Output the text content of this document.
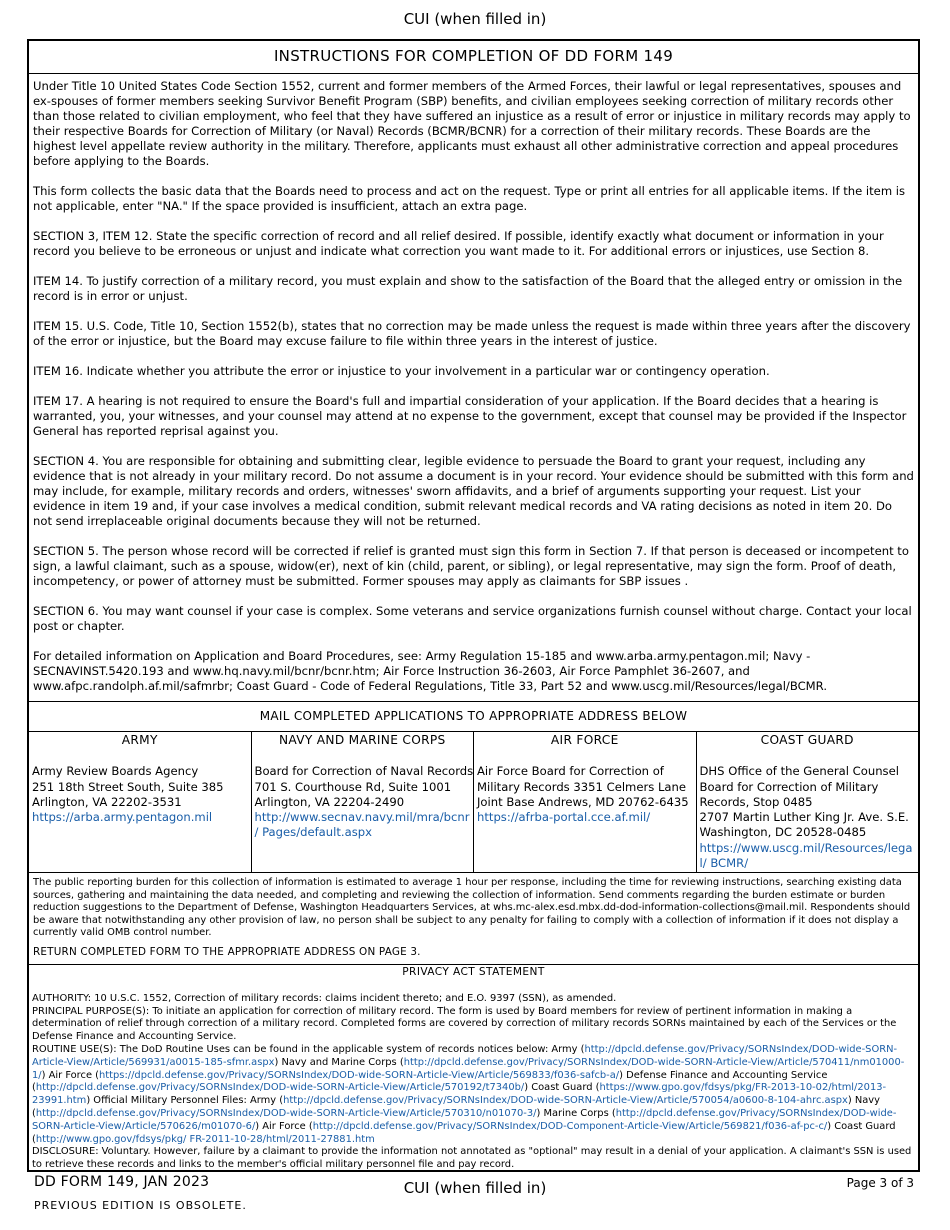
CUI (when filled in)
INSTRUCTIONS FOR COMPLETION OF DD FORM 149

Under Title 10 United States Code Section 1552, current and former members of the Armed Forces, their lawful or legal representatives, spouses and ex-spouses of former members seeking Survivor Benefit Program (SBP) benefits, and civilian employees seeking correction of military records other than those related to civilian employment, who feel that they have suffered an injustice as a result of error or injustice in military records may apply to their respective Boards for Correction of Military (or Naval) Records (BCMR/BCNR) for a correction of their military records. These Boards are the highest level appellate review authority in the military. Therefore, applicants must exhaust all other administrative correction and appeal procedures before applying to the Boards.

This form collects the basic data that the Boards need to process and act on the request. Type or print all entries for all applicable items. If the item is not applicable, enter "NA." If the space provided is insufficient, attach an extra page.

SECTION 3, ITEM 12. State the specific correction of record and all relief desired. If possible, identify exactly what document or information in your record you believe to be erroneous or unjust and indicate what correction you want made to it. For additional errors or injustices, use Section 8.

ITEM 14. To justify correction of a military record, you must explain and show to the satisfaction of the Board that the alleged entry or omission in the record is in error or unjust.

ITEM 15. U.S. Code, Title 10, Section 1552(b), states that no correction may be made unless the request is made within three years after the discovery of the error or injustice, but the Board may excuse failure to file within three years in the interest of justice.

ITEM 16. Indicate whether you attribute the error or injustice to your involvement in a particular war or contingency operation.

ITEM 17. A hearing is not required to ensure the Board's full and impartial consideration of your application. If the Board decides that a hearing is warranted, you, your witnesses, and your counsel may attend at no expense to the government, except that counsel may be provided if the Inspector General has reported reprisal against you.

SECTION 4. You are responsible for obtaining and submitting clear, legible evidence to persuade the Board to grant your request, including any evidence that is not already in your military record. Do not assume a document is in your record. Your evidence should be submitted with this form and may include, for example, military records and orders, witnesses' sworn affidavits, and a brief of arguments supporting your request. List your evidence in item 19 and, if your case involves a medical condition, submit relevant medical records and VA rating decisions as noted in item 20. Do not send irreplaceable original documents because they will not be returned.

SECTION 5. The person whose record will be corrected if relief is granted must sign this form in Section 7. If that person is deceased or incompetent to sign, a lawful claimant, such as a spouse, widow(er), next of kin (child, parent, or sibling), or legal representative, may sign the form. Proof of death, incompetency, or power of attorney must be submitted. Former spouses may apply as claimants for SBP issues .

SECTION 6. You may want counsel if your case is complex. Some veterans and service organizations furnish counsel without charge. Contact your local post or chapter.

For detailed information on Application and Board Procedures, see: Army Regulation 15-185 and www.arba.army.pentagon.mil; Navy - SECNAVINST.5420.193 and www.hq.navy.mil/bcnr/bcnr.htm; Air Force Instruction 36-2603, Air Force Pamphlet 36-2607, and www.afpc.randolph.af.mil/safmrbr; Coast Guard - Code of Federal Regulations, Title 33, Part 52 and www.uscg.mil/Resources/legal/BCMR.

MAIL COMPLETED APPLICATIONS TO APPROPRIATE ADDRESS BELOW
ARMY
Army Review Boards Agency
251 18th Street South, Suite 385
Arlington, VA 22202-3531
https://arba.army.pentagon.mil
NAVY AND MARINE CORPS
Board for Correction of Naval Records
701 S. Courthouse Rd, Suite 1001
Arlington, VA 22204-2490
http://www.secnav.navy.mil/mra/bcnr / Pages/default.aspx
AIR FORCE
Air Force Board for Correction of
Military Records 3351 Celmers Lane
Joint Base Andrews, MD 20762-6435
https://afrba-portal.cce.af.mil/
COAST GUARD
DHS Office of the General Counsel
Board for Correction of Military
Records, Stop 0485
2707 Martin Luther King Jr. Ave. S.E.
Washington, DC 20528-0485
https://www.uscg.mil/Resources/lega l/ BCMR/
The public reporting burden for this collection of information is estimated to average 1 hour per response, including the time for reviewing instructions, searching existing data sources, gathering and maintaining the data needed, and completing and reviewing the collection of information. Send comments regarding the burden estimate or burden reduction suggestions to the Department of Defense, Washington Headquarters Services, at whs.mc-alex.esd.mbx.dd-dod-information-collections@mail.mil. Respondents should be aware that notwithstanding any other provision of law, no person shall be subject to any penalty for failing to comply with a collection of information if it does not display a currently valid OMB control number.
RETURN COMPLETED FORM TO THE APPROPRIATE ADDRESS ON PAGE 3.
PRIVACY ACT STATEMENT

AUTHORITY: 10 U.S.C. 1552, Correction of military records: claims incident thereto; and E.O. 9397 (SSN), as amended.

PRINCIPAL PURPOSE(S): To initiate an application for correction of military record. The form is used by Board members for review of pertinent information in making a determination of relief through correction of a military record. Completed forms are covered by correction of military records SORNs maintained by each of the Services or the Defense Finance and Accounting Service.

ROUTINE USE(S): The DoD Routine Uses can be found in the applicable system of records notices below: Army (http://dpcld.defense.gov/Privacy/SORNsIndex/DOD-wide-SORN-Article-View/Article/569931/a0015-185-sfmr.aspx) Navy and Marine Corps (http://dpcld.defense.gov/Privacy/SORNsIndex/DOD-wide-SORN-Article-View/Article/570411/nm01000-1/) Air Force (https://dpcld.defense.gov/Privacy/SORNsIndex/DOD-wide-SORN-Article-View/Article/569833/f036-safcb-a/) Defense Finance and Accounting Service (http://dpcld.defense.gov/Privacy/SORNsIndex/DOD-wide-SORN-Article-View/Article/570192/t7340b/) Coast Guard (https://www.gpo.gov/fdsys/pkg/FR-2013-10-02/html/2013-23991.htm) Official Military Personnel Files: Army (http://dpcld.defense.gov/Privacy/SORNsIndex/DOD-wide-SORN-Article-View/Article/570054/a0600-8-104-ahrc.aspx) Navy (http://dpcld.defense.gov/Privacy/SORNsIndex/DOD-wide-SORN-Article-View/Article/570310/n01070-3/) Marine Corps (http://dpcld.defense.gov/Privacy/SORNsIndex/DOD-wide-SORN-Article-View/Article/570626/m01070-6/) Air Force (http://dpcld.defense.gov/Privacy/SORNsIndex/DOD-Component-Article-View/Article/569821/f036-af-pc-c/) Coast Guard (http://www.gpo.gov/fdsys/pkg/ FR-2011-10-28/html/2011-27881.htm

DISCLOSURE: Voluntary. However, failure by a claimant to provide the information not annotated as "optional" may result in a denial of your application. A claimant's SSN is used to retrieve these records and links to the member's official military personnel file and pay record.

DD FORM 149, JAN 2023
PREVIOUS EDITION IS OBSOLETE.
CUI (when filled in)	Page 3 of 3
